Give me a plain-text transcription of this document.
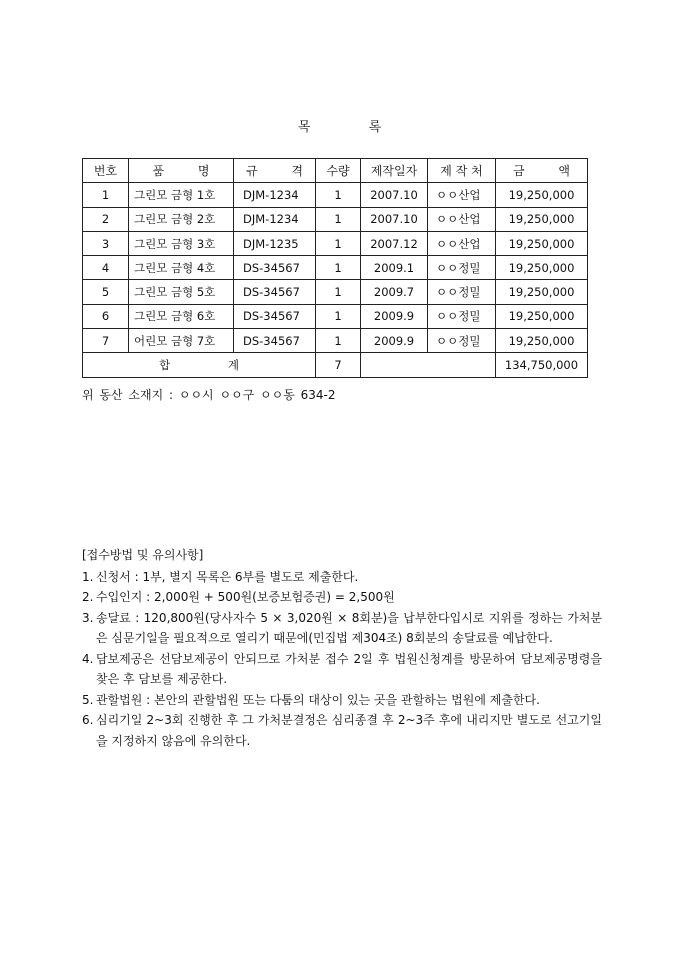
목 록
번호	품 명	규 격	수량	제작일자	제 작 처	금 액
1	그린모 금형 1호	DJM-1234	1	2007.10	ㅇㅇ산업	19,250,000
2	그린모 금형 2호	DJM-1234	1	2007.10	ㅇㅇ산업	19,250,000
3	그린모 금형 3호	DJM-1235	1	2007.12	ㅇㅇ산업	19,250,000
4	그린모 금형 4호	DS-34567	1	2009.1	ㅇㅇ정밀	19,250,000
5	그린모 금형 5호	DS-34567	1	2009.7	ㅇㅇ정밀	19,250,000
6	그린모 금형 6호	DS-34567	1	2009.9	ㅇㅇ정밀	19,250,000
7	어린모 금형 7호	DS-34567	1	2009.9	ㅇㅇ정밀	19,250,000
합 계			7			134,750,000
위 동산 소재지 : ㅇㅇ시 ㅇㅇ구 ㅇㅇ동 634-2
[접수방법 및 유의사항]
1. 신청서 : 1부, 별지 목록은 6부를 별도로 제출한다.
2. 수입인지 : 2,000원 + 500원(보증보험증권) = 2,500원
3. 송달료 : 120,800원(당사자수 5 × 3,020원 × 8회분)을 납부한다입시로 지위를 정하는 가처분은 심문기일을 필요적으로 열리기 때문에(민집법 제304조) 8회분의 송달료를 예납한다.
4. 담보제공은 선담보제공이 안되므로 가처분 접수 2일 후 법원신청계를 방문하여 담보제공명령을 찾은 후 담보를 제공한다.
5. 관할법원 : 본안의 관할법원 또는 다툼의 대상이 있는 곳을 관할하는 법원에 제출한다.
6. 심리기일 2~3회 진행한 후 그 가처분결정은 심리종결 후 2~3주 후에 내리지만 별도로 선고기일을 지정하지 않음에 유의한다.
